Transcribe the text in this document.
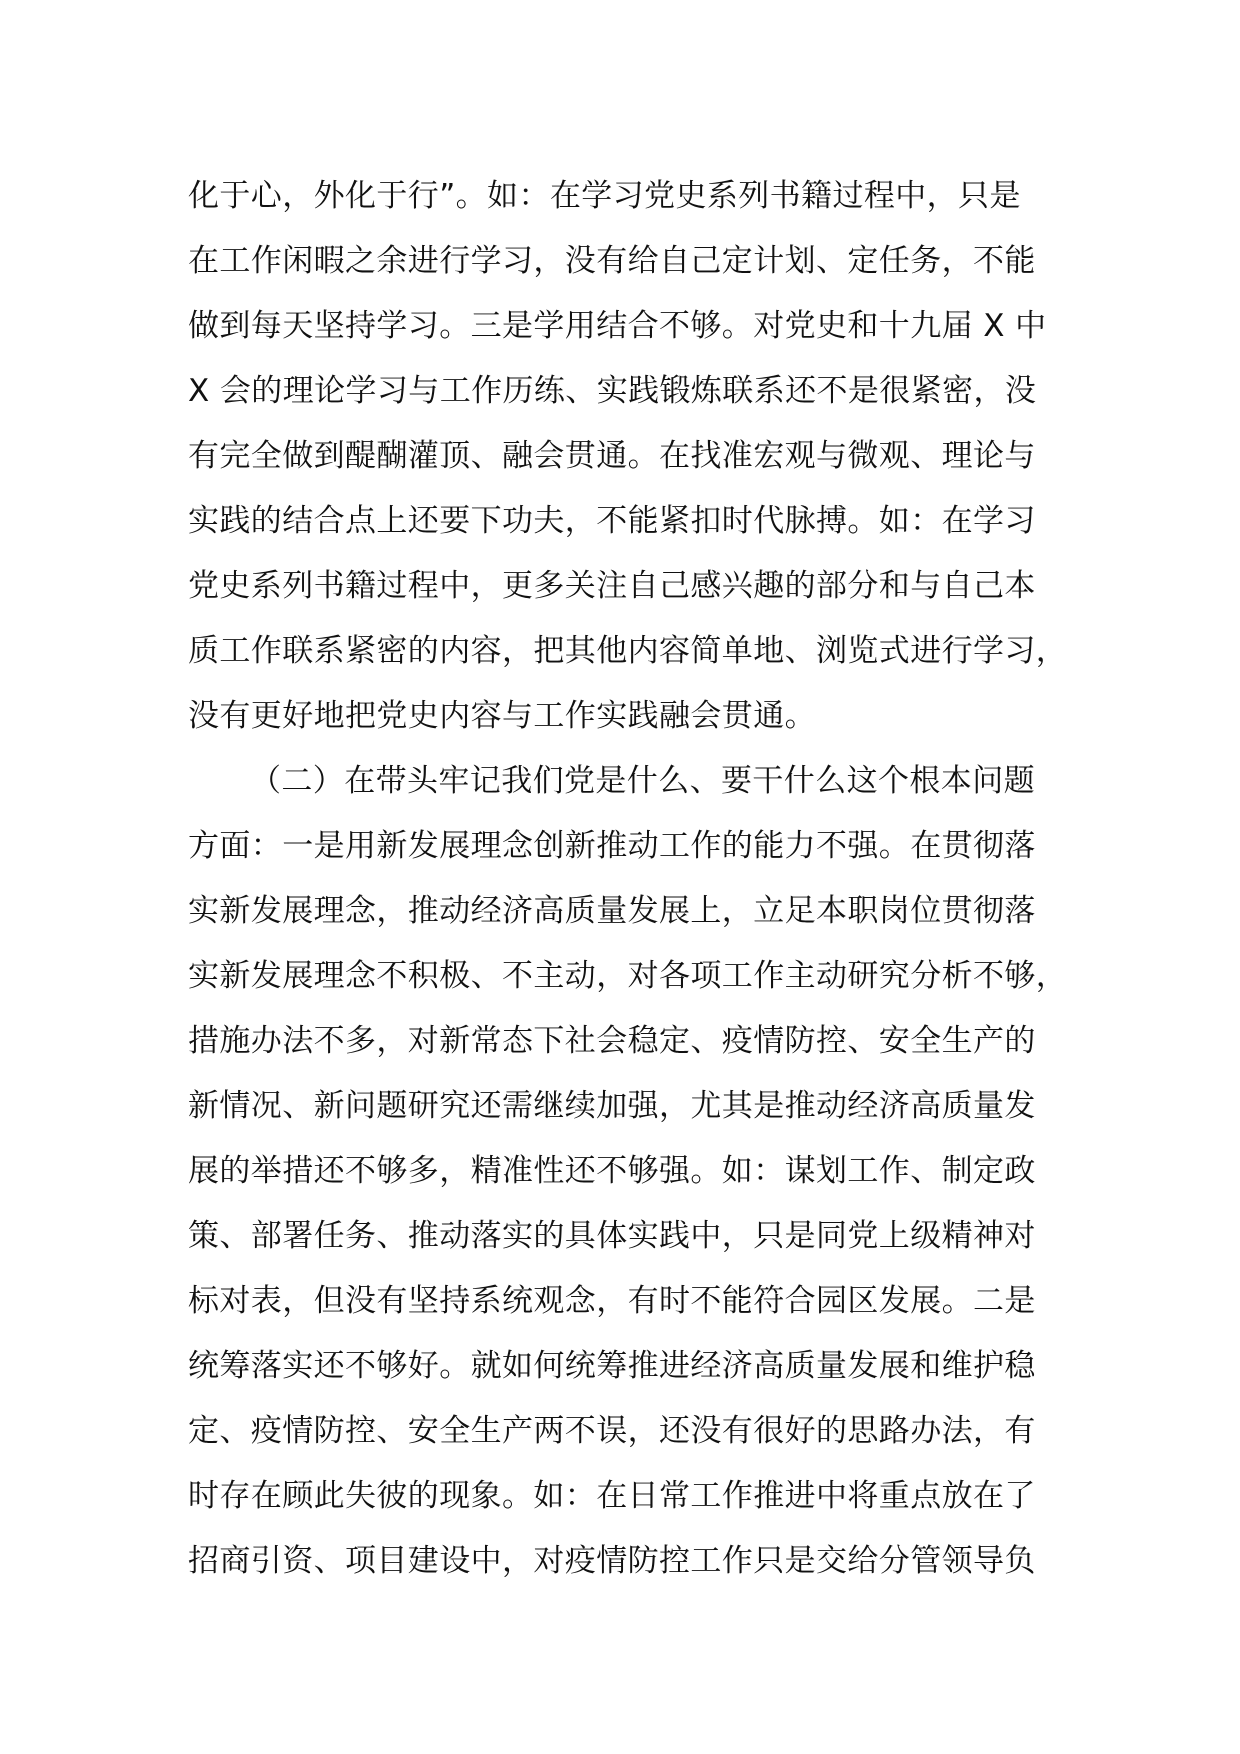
化于心，外化于行”。如：在学习党史系列书籍过程中，只是
在工作闲暇之余进行学习，没有给自己定计划、定任务，不能
做到每天坚持学习。三是学用结合不够。对党史和十九届 X 中
X 会的理论学习与工作历练、实践锻炼联系还不是很紧密，没
有完全做到醍醐灌顶、融会贯通。在找准宏观与微观、理论与
实践的结合点上还要下功夫，不能紧扣时代脉搏。如：在学习
党史系列书籍过程中，更多关注自己感兴趣的部分和与自己本
质工作联系紧密的内容，把其他内容简单地、浏览式进行学习，
没有更好地把党史内容与工作实践融会贯通。
（二）在带头牢记我们党是什么、要干什么这个根本问题
方面：一是用新发展理念创新推动工作的能力不强。在贯彻落
实新发展理念，推动经济高质量发展上，立足本职岗位贯彻落
实新发展理念不积极、不主动，对各项工作主动研究分析不够，
措施办法不多，对新常态下社会稳定、疫情防控、安全生产的
新情况、新问题研究还需继续加强，尤其是推动经济高质量发
展的举措还不够多，精准性还不够强。如：谋划工作、制定政
策、部署任务、推动落实的具体实践中，只是同党上级精神对
标对表，但没有坚持系统观念，有时不能符合园区发展。二是
统筹落实还不够好。就如何统筹推进经济高质量发展和维护稳
定、疫情防控、安全生产两不误，还没有很好的思路办法，有
时存在顾此失彼的现象。如：在日常工作推进中将重点放在了
招商引资、项目建设中，对疫情防控工作只是交给分管领导负
